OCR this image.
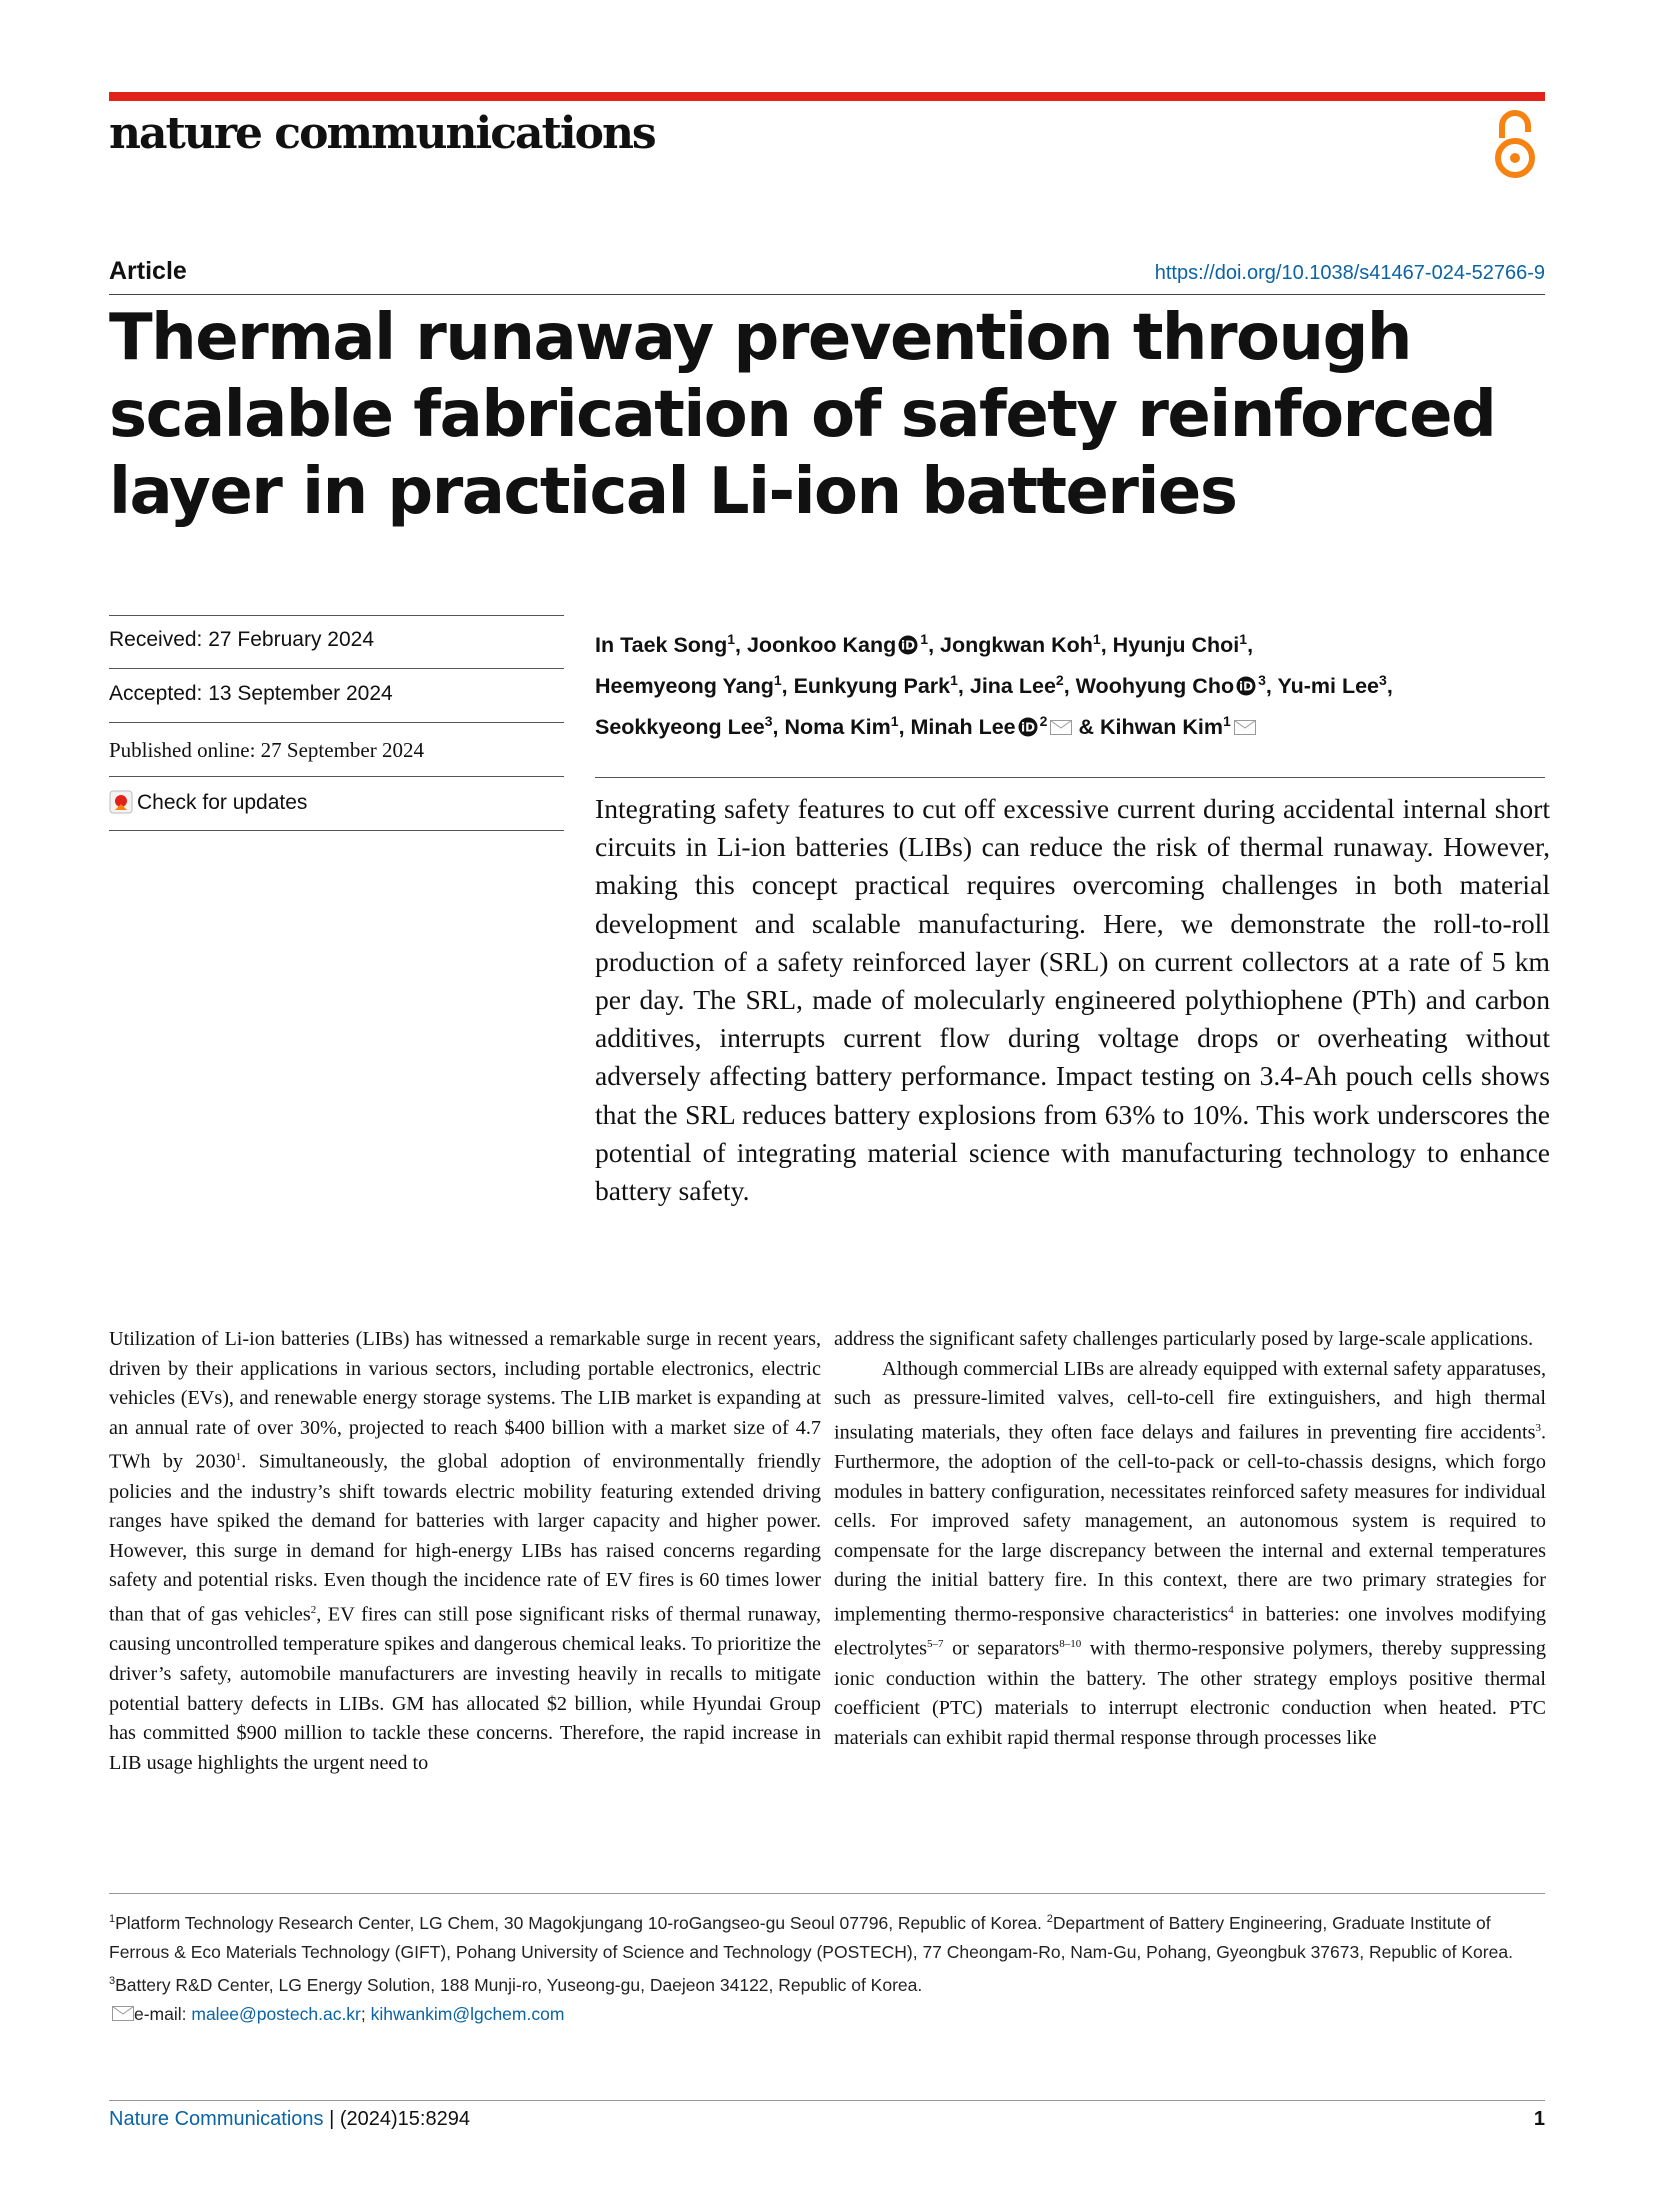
nature communications
Article	https://doi.org/10.1038/s41467-024-52766-9
Thermal runaway prevention through scalable fabrication of safety reinforced layer in practical Li-ion batteries
Received: 27 February 2024
Accepted: 13 September 2024
Published online: 27 September 2024
Check for updates
In Taek Song$^1$, Joonkoo Kang iD $^1$, Jongkwan Koh$^1$, Hyunju Choi$^1$,
Heemyeong Yang$^1$, Eunkyung Park$^1$, Jina Lee$^2$, Woohyung Cho iD $^3$, Yu-mi Lee$^3$,
Seokkyeong Lee$^3$, Noma Kim$^1$, Minah Lee iD $^2$ & Kihwan Kim$^1$
Integrating safety features to cut off excessive current during accidental internal short circuits in Li-ion batteries (LIBs) can reduce the risk of thermal runaway. However, making this concept practical requires overcoming challenges in both material development and scalable manufacturing. Here, we demonstrate the roll-to-roll production of a safety reinforced layer (SRL) on current collectors at a rate of 5 km per day. The SRL, made of molecularly engineered polythiophene (PTh) and carbon additives, interrupts current flow during voltage drops or overheating without adversely affecting battery performance. Impact testing on 3.4-Ah pouch cells shows that the SRL reduces battery explosions from 63% to 10%. This work underscores the potential of integrating material science with manufacturing technology to enhance battery safety.

Utilization of Li-ion batteries (LIBs) has witnessed a remarkable surge in recent years, driven by their applications in various sectors, including portable electronics, electric vehicles (EVs), and renewable energy storage systems. The LIB market is expanding at an annual rate of over 30%, projected to reach $400 billion with a market size of 4.7 TWh by 2030$^1$. Simultaneously, the global adoption of environmentally friendly policies and the industry’s shift towards electric mobility featuring extended driving ranges have spiked the demand for batteries with larger capacity and higher power. However, this surge in demand for high-energy LIBs has raised concerns regarding safety and potential risks. Even though the incidence rate of EV fires is 60 times lower than that of gas vehicles$^2$, EV fires can still pose significant risks of thermal runaway, causing uncontrolled temperature spikes and dangerous chemical leaks. To prioritize the driver’s safety, automobile manufacturers are investing heavily in recalls to mitigate potential battery defects in LIBs. GM has allocated $2 billion, while Hyundai Group has committed $900 million to tackle these concerns. Therefore, the rapid increase in LIB usage highlights the urgent need to

address the significant safety challenges particularly posed by large-scale applications.

Although commercial LIBs are already equipped with external safety apparatuses, such as pressure-limited valves, cell-to-cell fire extinguishers, and high thermal insulating materials, they often face delays and failures in preventing fire accidents$^3$. Furthermore, the adoption of the cell-to-pack or cell-to-chassis designs, which forgo modules in battery configuration, necessitates reinforced safety measures for individual cells. For improved safety management, an autonomous system is required to compensate for the large discrepancy between the internal and external temperatures during the initial battery fire. In this context, there are two primary strategies for implementing thermo-responsive characteristics$^4$ in batteries: one involves modifying electrolytes$^{5-7}$ or separators$^{8-10}$ with thermo-responsive polymers, thereby suppressing ionic conduction within the battery. The other strategy employs positive thermal coefficient (PTC) materials to interrupt electronic conduction when heated. PTC materials can exhibit rapid thermal response through processes like

$^1$Platform Technology Research Center, LG Chem, 30 Magokjungang 10-roGangseo-gu Seoul 07796, Republic of Korea. $^2$Department of Battery Engineering, Graduate Institute of Ferrous & Eco Materials Technology (GIFT), Pohang University of Science and Technology (POSTECH), 77 Cheongam-Ro, Nam-Gu, Pohang, Gyeongbuk 37673, Republic of Korea. $^3$Battery R&D Center, LG Energy Solution, 188 Munji-ro, Yuseong-gu, Daejeon 34122, Republic of Korea.
e-mail: malee@postech.ac.kr; kihwankim@lgchem.com
Nature Communications | (2024)15:8294	1
